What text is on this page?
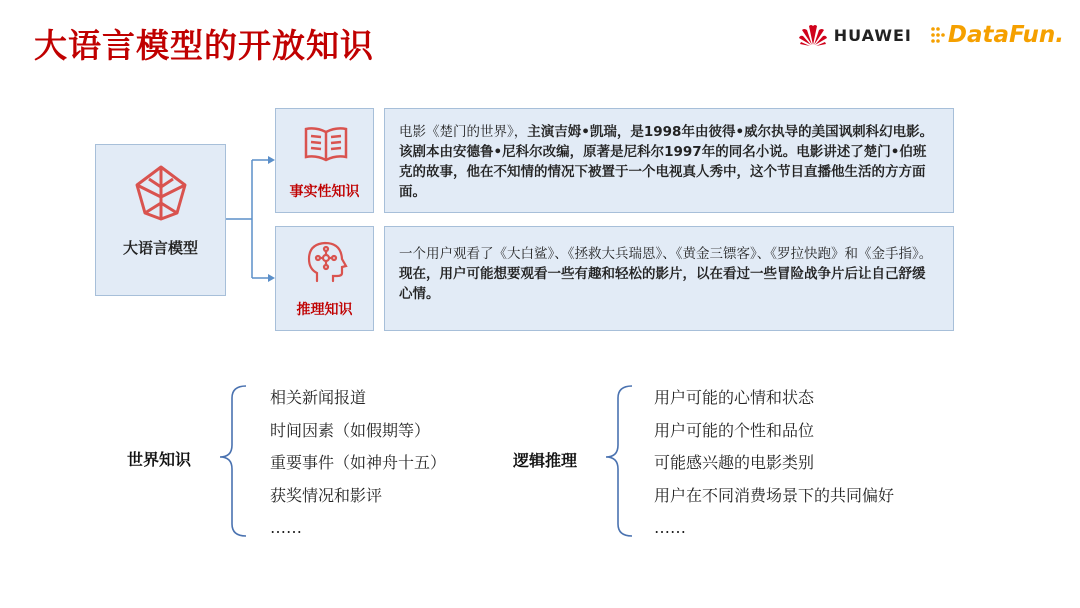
大语言模型的开放知识	HUAWEI DataFun.
大语言模型
事实性知识
推理知识
电影《楚门的世界》，主演吉姆•凯瑞，是1998年由彼得•威尔执导的美国讽刺科幻电影。该剧本由安德鲁•尼科尔改编，原著是尼科尔1997年的同名小说。电影讲述了楚门•伯班克的故事，他在不知情的情况下被置于一个电视真人秀中，这个节目直播他生活的方方面面。
一个用户观看了《大白鲨》、《拯救大兵瑞恩》、《黄金三镖客》、《罗拉快跑》和《金手指》。现在，用户可能想要观看一些有趣和轻松的影片，以在看过一些冒险战争片后让自己舒缓心情。
世界知识
相关新闻报道
时间因素（如假期等）
重要事件（如神舟十五）
获奖情况和影评
……
逻辑推理
用户可能的心情和状态
用户可能的个性和品位
可能感兴趣的电影类别
用户在不同消费场景下的共同偏好
……
